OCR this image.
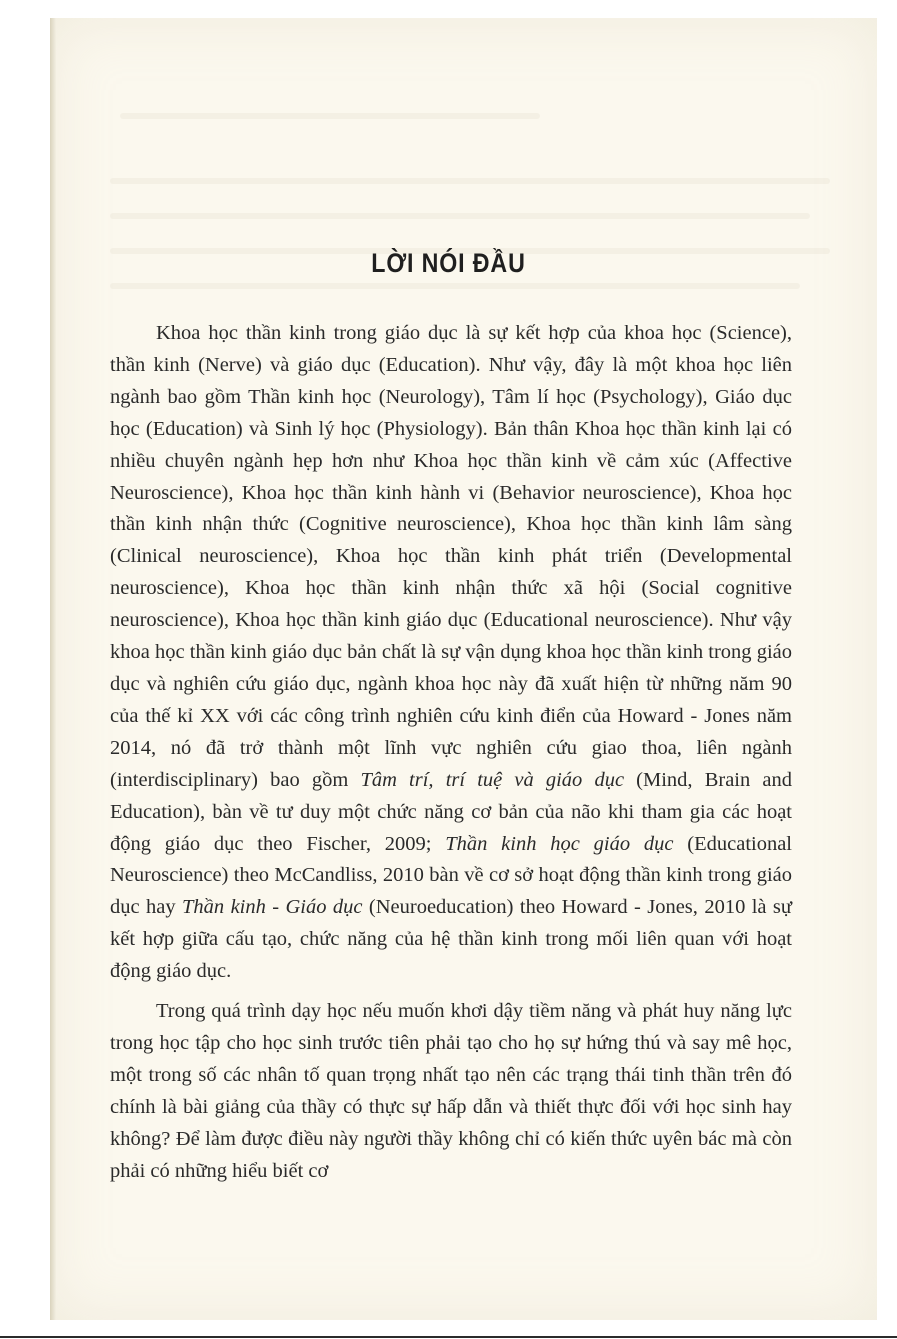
LỜI NÓI ĐẦU

Khoa học thần kinh trong giáo dục là sự kết hợp của khoa học (Science), thần kinh (Nerve) và giáo dục (Education). Như vậy, đây là một khoa học liên ngành bao gồm Thần kinh học (Neurology), Tâm lí học (Psychology), Giáo dục học (Education) và Sinh lý học (Physiology). Bản thân Khoa học thần kinh lại có nhiều chuyên ngành hẹp hơn như Khoa học thần kinh về cảm xúc (Affective Neuroscience), Khoa học thần kinh hành vi (Behavior neuroscience), Khoa học thần kinh nhận thức (Cognitive neuroscience), Khoa học thần kinh lâm sàng (Clinical neuroscience), Khoa học thần kinh phát triển (Developmental neuroscience), Khoa học thần kinh nhận thức xã hội (Social cognitive neuroscience), Khoa học thần kinh giáo dục (Educational neuroscience). Như vậy khoa học thần kinh giáo dục bản chất là sự vận dụng khoa học thần kinh trong giáo dục và nghiên cứu giáo dục, ngành khoa học này đã xuất hiện từ những năm 90 của thế kỉ XX với các công trình nghiên cứu kinh điển của Howard - Jones năm 2014, nó đã trở thành một lĩnh vực nghiên cứu giao thoa, liên ngành (interdisciplinary) bao gồm Tâm trí, trí tuệ và giáo dục (Mind, Brain and Education), bàn về tư duy một chức năng cơ bản của não khi tham gia các hoạt động giáo dục theo Fischer, 2009; Thần kinh học giáo dục (Educational Neuroscience) theo McCandliss, 2010 bàn về cơ sở hoạt động thần kinh trong giáo dục hay Thần kinh - Giáo dục (Neuroeducation) theo Howard - Jones, 2010 là sự kết hợp giữa cấu tạo, chức năng của hệ thần kinh trong mối liên quan với hoạt động giáo dục.

Trong quá trình dạy học nếu muốn khơi dậy tiềm năng và phát huy năng lực trong học tập cho học sinh trước tiên phải tạo cho họ sự hứng thú và say mê học, một trong số các nhân tố quan trọng nhất tạo nên các trạng thái tinh thần trên đó chính là bài giảng của thầy có thực sự hấp dẫn và thiết thực đối với học sinh hay không? Để làm được điều này người thầy không chỉ có kiến thức uyên bác mà còn phải có những hiểu biết cơ
